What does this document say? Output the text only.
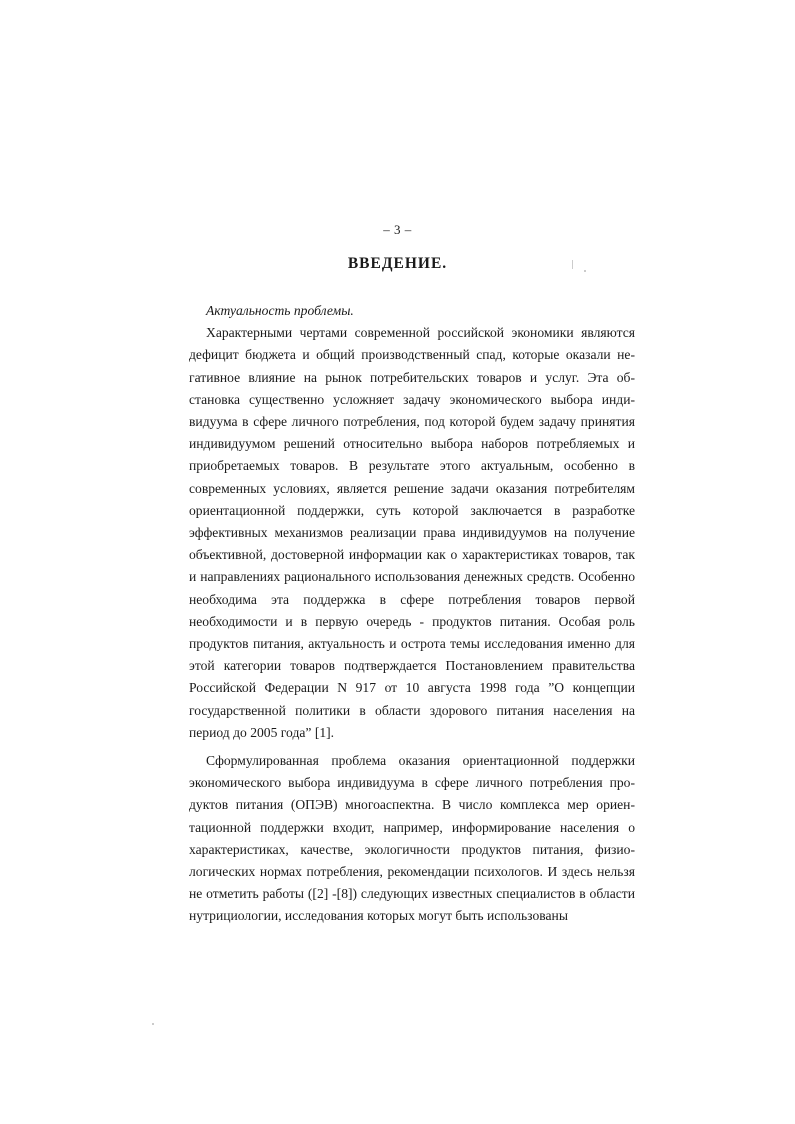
– 3 –
ВВЕДЕНИЕ.

Актуальность проблемы.

Характерными чертами современной российской экономики являются дефицит бюджета и общий производственный спад, которые оказали негативное влияние на рынок потребительских товаров и услуг. Эта обстановка существенно усложняет задачу экономического выбора индивидуума в сфере личного потребления, под которой будем задачу принятия индивидуумом решений относительно выбора наборов потребляемых и приобретаемых товаров. В результате этого актуальным, особенно в современных условиях, является решение задачи оказания потребителям ориентационной поддержки, суть которой заключается в разработке эффективных механизмов реализации права индивидуумов на получение объективной, достоверной информации как о характеристиках товаров, так и направлениях рационального использования денежных средств. Особенно необходима эта поддержка в сфере потребления товаров первой необходимости и в первую очередь - продуктов питания. Особая роль продуктов питания, актуальность и острота темы исследования именно для этой категории товаров подтверждается Постановлением правительства Российской Федерации N 917 от 10 августа 1998 года ”О концепции государственной политики в области здорового питания населения на период до 2005 года” [1].

Сформулированная проблема оказания ориентационной поддержки экономического выбора индивидуума в сфере личного потребления продуктов питания (ОПЭВ) многоаспектна. В число комплекса мер ориентационной поддержки входит, например, информирование населения о характеристиках, качестве, экологичности продуктов питания, физиологических нормах потребления, рекомендации психологов. И здесь нельзя не отметить работы ([2] -[8]) следующих известных специалистов в области нутрициологии, исследования которых могут быть использованы
